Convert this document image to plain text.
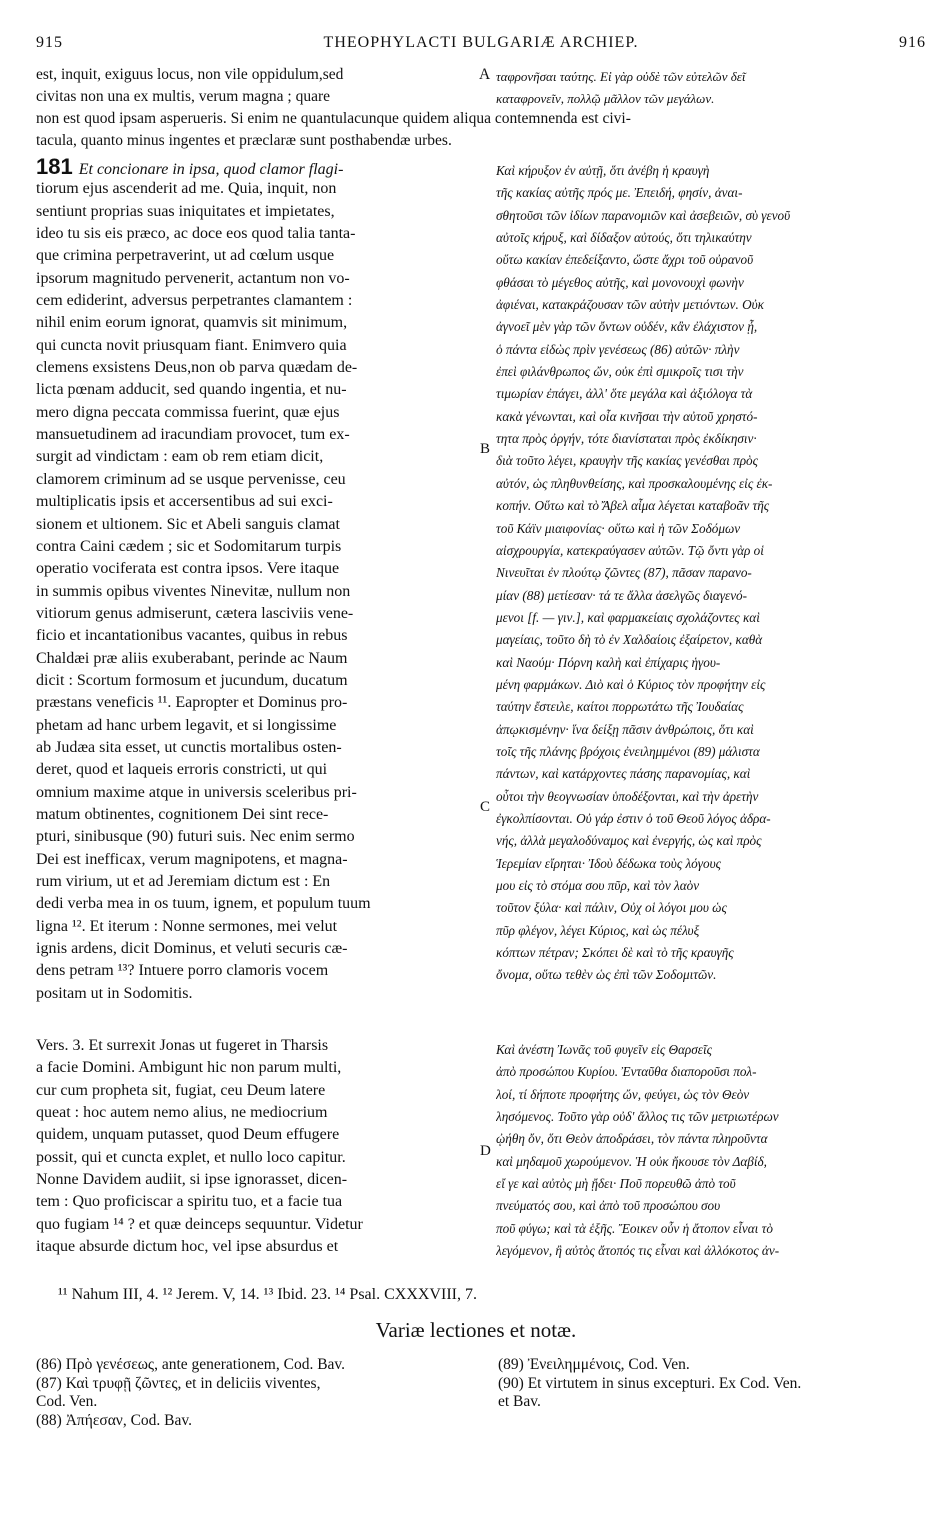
915	THEOPHYLACTI BULGARIÆ ARCHIEP.	916
est, inquit, exiguus locus, non vile oppidulum,sed	A ταφρονῆσαι ταύτης. Εἰ γὰρ οὐδὲ τῶν εὐτελῶν δεῖ
civitas non una ex multis, verum magna ; quare	καταφρονεῖν, πολλῷ μᾶλλον τῶν μεγάλων.
non est quod ipsam asperueris. Si enim ne quantulacunque quidem aliqua contemnenda est civi-
tacula, quanto minus ingentes et præclaræ sunt posthabendæ urbes.
181 Et concionare in ipsa, quod clamor flagi-
tiorum ejus ascenderit ad me. Quia, inquit, non
sentiunt proprias suas iniquitates et impietates,
ideo tu sis eis præco, ac doce eos quod talia tanta-
que crimina perpetraverint, ut ad cœlum usque
ipsorum magnitudo pervenerit, actantum non vo-
cem ediderint, adversus perpetrantes clamantem :
nihil enim eorum ignorat, quamvis sit minimum,
qui cuncta novit priusquam fiant. Enimvero quia
clemens exsistens Deus,non ob parva quædam de-
licta pœnam adducit, sed quando ingentia, et nu-
mero digna peccata commissa fuerint, quæ ejus
mansuetudinem ad iracundiam provocet, tum ex-
surgit ad vindictam : eam ob rem etiam dicit,
clamorem criminum ad se usque pervenisse, ceu
multiplicatis ipsis et accersentibus ad sui exci-
sionem et ultionem. Sic et Abeli sanguis clamat
contra Caini cædem ; sic et Sodomitarum turpis
operatio vociferata est contra ipsos. Vere itaque
in summis opibus viventes Ninevitæ, nullum non
vitiorum genus admiserunt, cætera lasciviis vene-
ficio et incantationibus vacantes, quibus in rebus
Chaldæi præ aliis exuberabant, perinde ac Naum
dicit : Scortum formosum et jucundum, ducatum
præstans veneficis ¹¹. Eapropter et Dominus pro-
phetam ad hanc urbem legavit, et si longissime
ab Judæa sita esset, ut cunctis mortalibus osten-
deret, quod et laqueis erroris constricti, ut qui
omnium maxime atque in universis sceleribus pri-
matum obtinentes, cognitionem Dei sint rece-
pturi, sinibusque (90) futuri suis. Nec enim sermo
Dei est inefficax, verum magnipotens, et magna-
rum virium, ut et ad Jeremiam dictum est : En
dedi verba mea in os tuum, ignem, et populum tuum
ligna ¹². Et iterum : Nonne sermones, mei velut
ignis ardens, dicit Dominus, et veluti securis cæ-
dens petram ¹³? Intuere porro clamoris vocem
positam ut in Sodomitis.
Vers. 3. Et surrexit Jonas ut fugeret in Tharsis
a facie Domini. Ambigunt hic non parum multi,
cur cum propheta sit, fugiat, ceu Deum latere
queat : hoc autem nemo alius, ne mediocrium
quidem, unquam putasset, quod Deum effugere
possit, qui et cuncta explet, et nullo loco capitur.
Nonne Davidem audiit, si ipse ignorasset, dicen-
tem : Quo proficiscar a spiritu tuo, et a facie tua
quo fugiam ¹⁴ ? et quæ deinceps sequuntur. Videtur
itaque absurde dictum hoc, vel ipse absurdus et
Καὶ κήρυξον ἐν αὐτῇ, ὅτι ἀνέβη ἡ κραυγὴ
τῆς κακίας αὐτῆς πρός με. Ἐπειδή, φησίν, ἀναι-
σθητοῦσι τῶν ἰδίων παρανομιῶν καὶ ἀσεβειῶν, σὺ γενοῦ
αὐτοῖς κήρυξ, καὶ δίδαξον αὐτούς, ὅτι τηλικαύτην
οὕτω κακίαν ἐπεδείξαντο, ὥστε ἄχρι τοῦ οὐρανοῦ
φθάσαι τὸ μέγεθος αὐτῆς, καὶ μονονουχὶ φωνὴν
ἀφιέναι, κατακράζουσαν τῶν αὐτὴν μετιόντων. Οὐκ
ἀγνοεῖ μὲν γὰρ τῶν ὄντων οὐδέν, κἂν ἐλάχιστον ᾖ,
ὁ πάντα εἰδὼς πρὶν γενέσεως (86) αὐτῶν· πλὴν
ἐπεὶ φιλάνθρωπος ὤν, οὐκ ἐπὶ σμικροῖς τισι τὴν
τιμωρίαν ἐπάγει, ἀλλ' ὅτε μεγάλα καὶ ἀξιόλογα τὰ
κακὰ γένωνται, καὶ οἷα κινῆσαι τὴν αὐτοῦ χρηστό-
τητα πρὸς ὀργήν, τότε διανίσταται πρὸς ἐκδίκησιν·
διὰ τοῦτο λέγει, κραυγὴν τῆς κακίας γενέσθαι πρὸς
αὐτόν, ὡς πληθυνθείσης, καὶ προσκαλουμένης εἰς ἐκ-
κοπήν. Οὕτω καὶ τὸ Ἄβελ αἷμα λέγεται καταβοᾶν τῆς
τοῦ Κάϊν μιαιφονίας· οὕτω καὶ ἡ τῶν Σοδόμων
αἰσχρουργία, κατεκραύγασεν αὐτῶν. Τῷ ὄντι γὰρ οἱ
Νινευῖται ἐν πλούτῳ ζῶντες (87), πᾶσαν παρανο-
μίαν (88) μετίεσαν· τά τε ἄλλα ἀσελγῶς διαγενό-
μενοι [f. — γιν.], καὶ φαρμακείαις σχολάζοντες καὶ
μαγείαις, τοῦτο δὴ τὸ ἐν Χαλδαίοις ἐξαίρετον, καθὰ
καὶ Ναούμ· Πόρνη καλὴ καὶ ἐπίχαρις ἡγου-
μένη φαρμάκων. Διὸ καὶ ὁ Κύριος τὸν προφήτην εἰς
ταύτην ἔστειλε, καίτοι πορρωτάτω τῆς Ἰουδαίας
ἀπῳκισμένην· ἵνα δείξῃ πᾶσιν ἀνθρώποις, ὅτι καὶ
τοῖς τῆς πλάνης βρόχοις ἐνειλημμένοι (89) μάλιστα
πάντων, καὶ κατάρχοντες πάσης παρανομίας, καὶ
οὗτοι τὴν θεογνωσίαν ὑποδέξονται, καὶ τὴν ἀρετὴν
ἐγκολπίσονται. Οὐ γάρ ἐστιν ὁ τοῦ Θεοῦ λόγος ἀδρα-
νής, ἀλλὰ μεγαλοδύναμος καὶ ἐνεργής, ὡς καὶ πρὸς
Ἱερεμίαν εἴρηται· Ἰδοὺ δέδωκα τοὺς λόγους
μου εἰς τὸ στόμα σου πῦρ, καὶ τὸν λαὸν
τοῦτον ξύλα· καὶ πάλιν, Οὐχ οἱ λόγοι μου ὡς
πῦρ φλέγον, λέγει Κύριος, καὶ ὡς πέλυξ
κόπτων πέτραν; Σκόπει δὲ καὶ τὸ τῆς κραυγῆς
ὄνομα, οὕτω τεθὲν ὡς ἐπὶ τῶν Σοδομιτῶν.
Καὶ ἀνέστη Ἰωνᾶς τοῦ φυγεῖν εἰς Θαρσεῖς
ἀπὸ προσώπου Κυρίου. Ἐνταῦθα διαποροῦσι πολ-
λοί, τί δήποτε προφήτης ὤν, φεύγει, ὡς τὸν Θεὸν
λησόμενος. Τοῦτο γὰρ οὐδ' ἄλλος τις τῶν μετριωτέρων
ᾠήθη ὄν, ὅτι Θεὸν ἀποδράσει, τὸν πάντα πληροῦντα
καὶ μηδαμοῦ χωρούμενον. Ἡ οὐκ ἤκουσε τὸν Δαβίδ,
εἴ γε καὶ αὐτὸς μὴ ᾔδει· Ποῦ πορευθῶ ἀπὸ τοῦ
πνεύματός σου, καὶ ἀπὸ τοῦ προσώπου σου
ποῦ φύγω; καὶ τὰ ἑξῆς. Ἔοικεν οὖν ἡ ἄτοπον εἶναι τὸ
λεγόμενον, ἢ αὐτὸς ἄτοπός τις εἶναι καὶ ἀλλόκοτος ἀν-
B
C
D
¹¹ Nahum III, 4. ¹² Jerem. V, 14. ¹³ Ibid. 23. ¹⁴ Psal. CXXXVIII, 7.
Variæ lectiones et notæ.
(86) Πρὸ γενέσεως, ante generationem, Cod. Bav.
(87) Καὶ τρυφῇ ζῶντες, et in deliciis viventes,
Cod. Ven.
(88) Ἀπήεσαν, Cod. Bav.
(89) Ἐνειλημμένοις, Cod. Ven.
(90) Et virtutem in sinus excepturi. Ex Cod. Ven.
et Bav.
